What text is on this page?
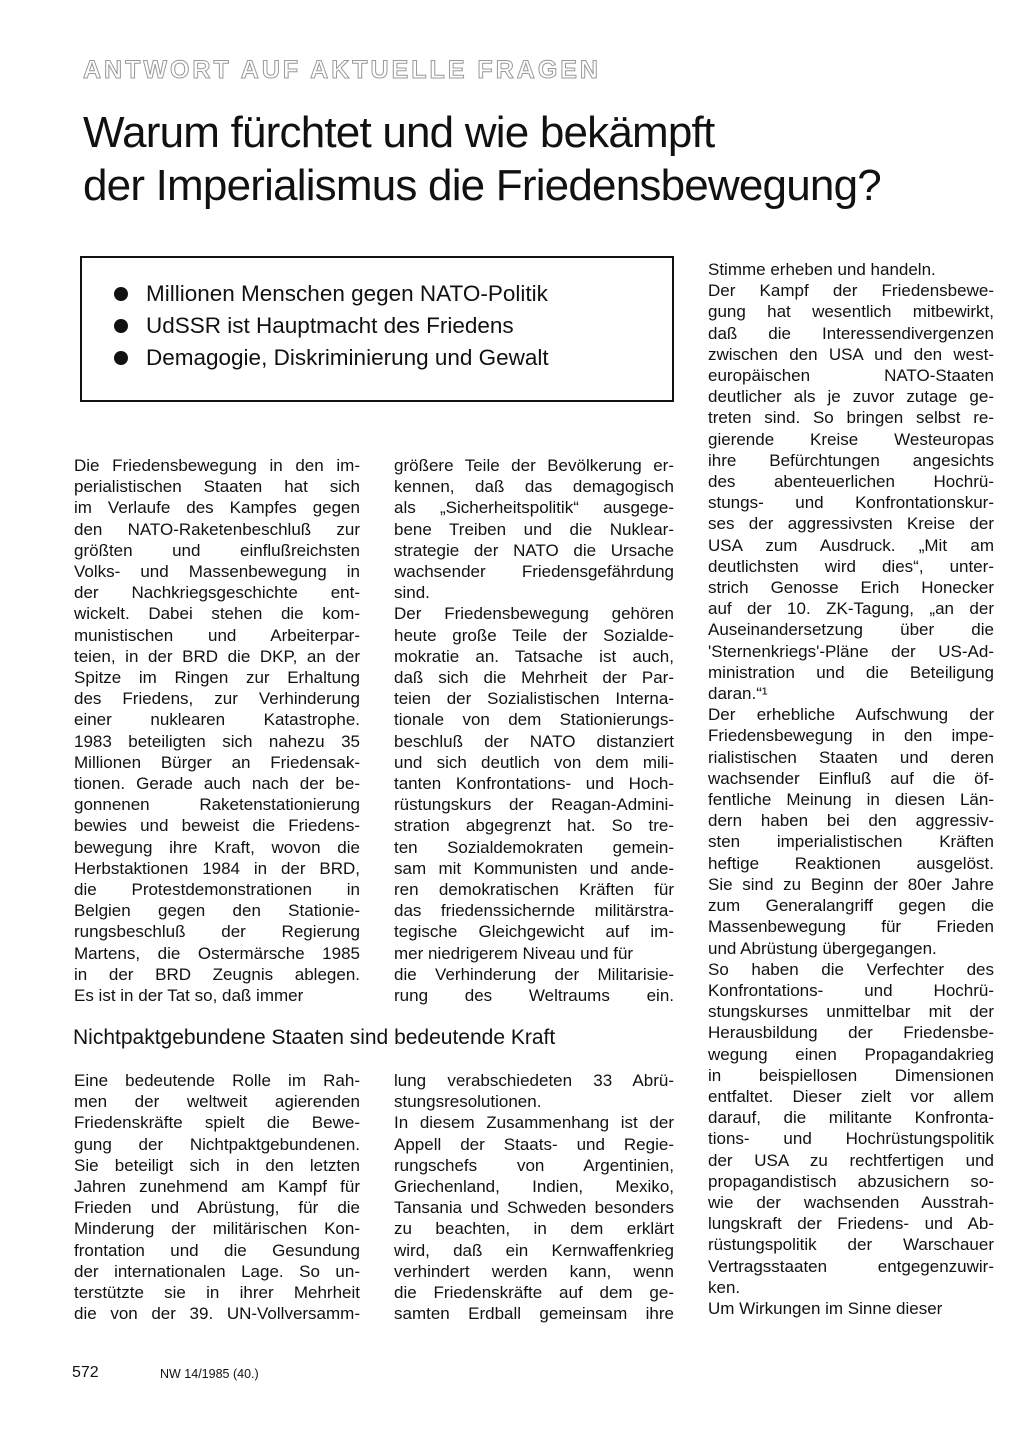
ANTWORT AUF AKTUELLE FRAGEN
Warum fürchtet und wie bekämpft
der Imperialismus die Friedensbewegung?
Millionen Menschen gegen NATO-Politik
UdSSR ist Hauptmacht des Friedens
Demagogie, Diskriminierung und Gewalt
Die Friedensbewegung in den im-
perialistischen Staaten hat sich
im Verlaufe des Kampfes gegen
den NATO-Raketenbeschluß zur
größten und einflußreichsten
Volks- und Massenbewegung in
der Nachkriegsgeschichte ent-
wickelt. Dabei stehen die kom-
munistischen und Arbeiterpar-
teien, in der BRD die DKP, an der
Spitze im Ringen zur Erhaltung
des Friedens, zur Verhinderung
einer nuklearen Katastrophe.
1983 beteiligten sich nahezu 35
Millionen Bürger an Friedensak-
tionen. Gerade auch nach der be-
gonnenen Raketenstationierung
bewies und beweist die Friedens-
bewegung ihre Kraft, wovon die
Herbstaktionen 1984 in der BRD,
die Protestdemonstrationen in
Belgien gegen den Stationie-
rungsbeschluß der Regierung
Martens, die Ostermärsche 1985
in der BRD Zeugnis ablegen.
Es ist in der Tat so, daß immer
größere Teile der Bevölkerung er-
kennen, daß das demagogisch
als „Sicherheitspolitik“ ausgege-
bene Treiben und die Nuklear-
strategie der NATO die Ursache
wachsender Friedensgefährdung
sind.
Der Friedensbewegung gehören
heute große Teile der Sozialde-
mokratie an. Tatsache ist auch,
daß sich die Mehrheit der Par-
teien der Sozialistischen Interna-
tionale von dem Stationierungs-
beschluß der NATO distanziert
und sich deutlich von dem mili-
tanten Konfrontations- und Hoch-
rüstungskurs der Reagan-Admini-
stration abgegrenzt hat. So tre-
ten Sozialdemokraten gemein-
sam mit Kommunisten und ande-
ren demokratischen Kräften für
das friedenssichernde militärstra-
tegische Gleichgewicht auf im-
mer niedrigerem Niveau und für
die Verhinderung der Militarisie-
rung des Weltraums ein.
Nichtpaktgebundene Staaten sind bedeutende Kraft
Eine bedeutende Rolle im Rah-
men der weltweit agierenden
Friedenskräfte spielt die Bewe-
gung der Nichtpaktgebundenen.
Sie beteiligt sich in den letzten
Jahren zunehmend am Kampf für
Frieden und Abrüstung, für die
Minderung der militärischen Kon-
frontation und die Gesundung
der internationalen Lage. So un-
terstützte sie in ihrer Mehrheit
die von der 39. UN-Vollversamm-
lung verabschiedeten 33 Abrü-
stungsresolutionen.
In diesem Zusammenhang ist der
Appell der Staats- und Regie-
rungschefs von Argentinien,
Griechenland, Indien, Mexiko,
Tansania und Schweden besonders
zu beachten, in dem erklärt
wird, daß ein Kernwaffenkrieg
verhindert werden kann, wenn
die Friedenskräfte auf dem ge-
samten Erdball gemeinsam ihre
Stimme erheben und handeln.
Der Kampf der Friedensbewe-
gung hat wesentlich mitbewirkt,
daß die Interessendivergenzen
zwischen den USA und den west-
europäischen NATO-Staaten
deutlicher als je zuvor zutage ge-
treten sind. So bringen selbst re-
gierende Kreise Westeuropas
ihre Befürchtungen angesichts
des abenteuerlichen Hochrü-
stungs- und Konfrontationskur-
ses der aggressivsten Kreise der
USA zum Ausdruck. „Mit am
deutlichsten wird dies“, unter-
strich Genosse Erich Honecker
auf der 10. ZK-Tagung, „an der
Auseinandersetzung über die
'Sternenkriegs'-Pläne der US-Ad-
ministration und die Beteiligung
daran.“¹
Der erhebliche Aufschwung der
Friedensbewegung in den impe-
rialistischen Staaten und deren
wachsender Einfluß auf die öf-
fentliche Meinung in diesen Län-
dern haben bei den aggressiv-
sten imperialistischen Kräften
heftige Reaktionen ausgelöst.
Sie sind zu Beginn der 80er Jahre
zum Generalangriff gegen die
Massenbewegung für Frieden
und Abrüstung übergegangen.
So haben die Verfechter des
Konfrontations- und Hochrü-
stungskurses unmittelbar mit der
Herausbildung der Friedensbe-
wegung einen Propagandakrieg
in beispiellosen Dimensionen
entfaltet. Dieser zielt vor allem
darauf, die militante Konfronta-
tions- und Hochrüstungspolitik
der USA zu rechtfertigen und
propagandistisch abzusichern so-
wie der wachsenden Ausstrah-
lungskraft der Friedens- und Ab-
rüstungspolitik der Warschauer
Vertragsstaaten entgegenzuwir-
ken.
Um Wirkungen im Sinne dieser
572	NW 14/1985 (40.)
